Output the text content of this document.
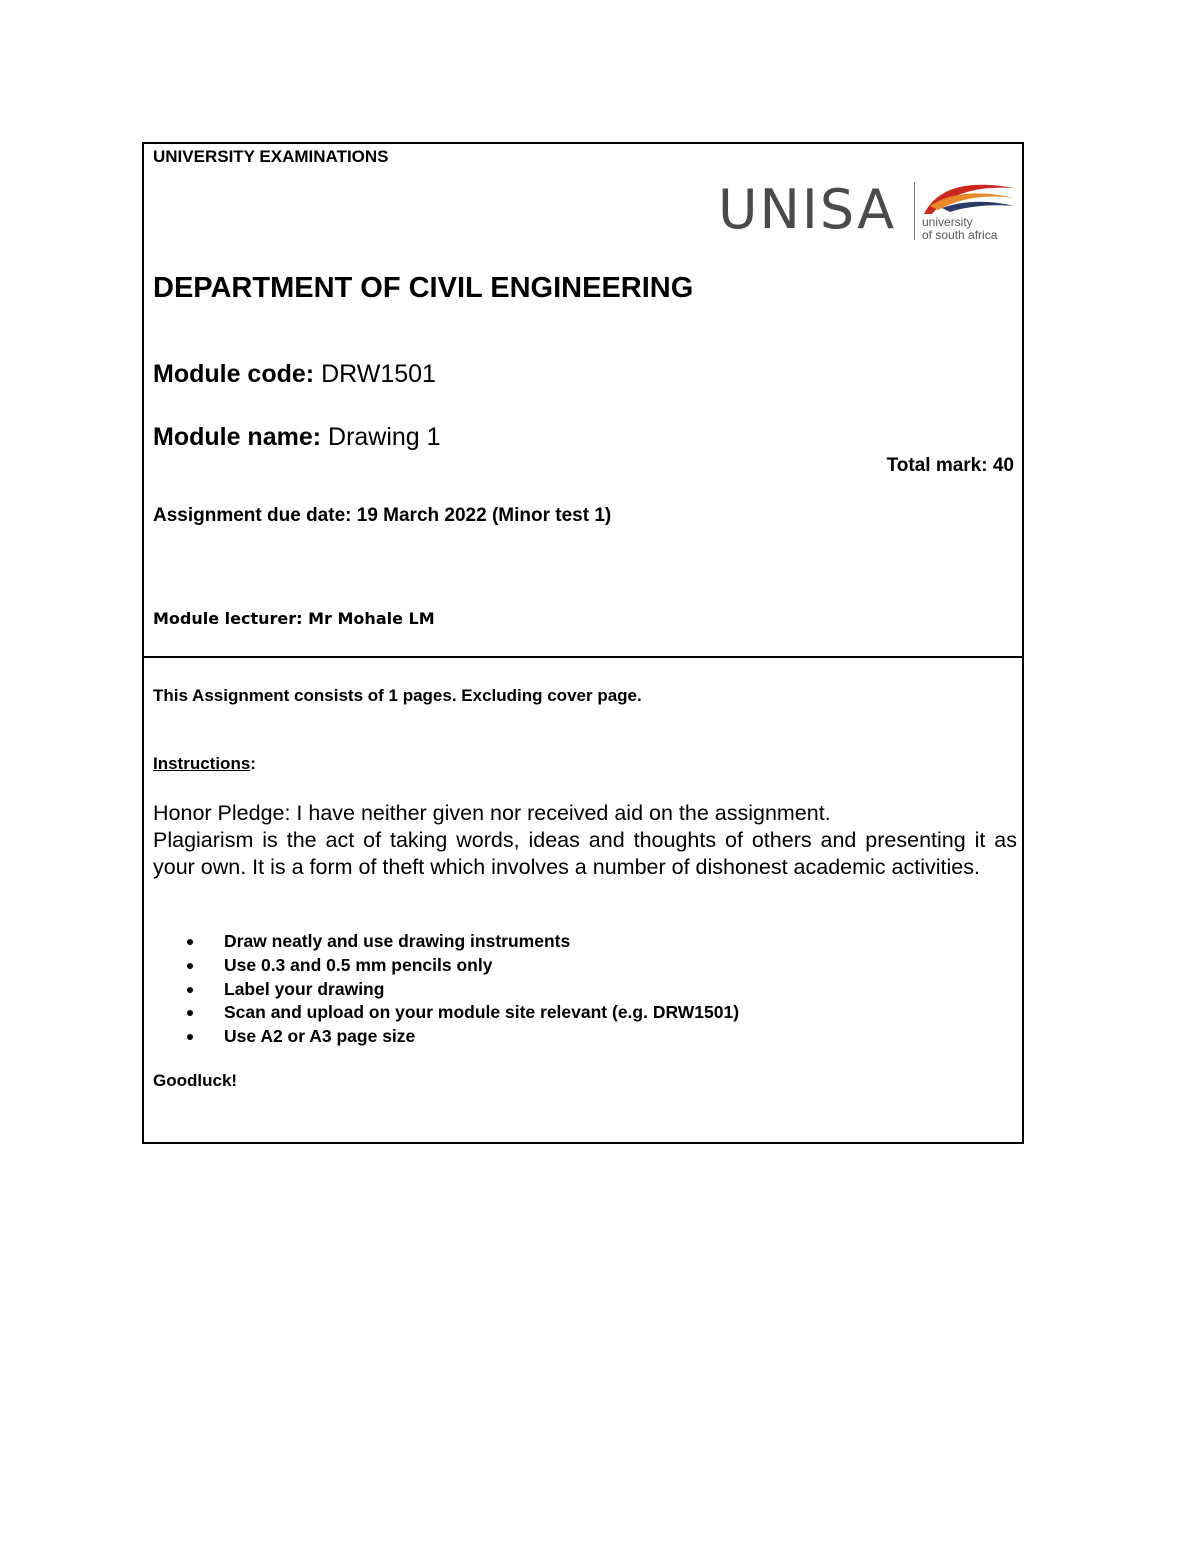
UNIVERSITY EXAMINATIONS
UNISA university
of south africa
DEPARTMENT OF CIVIL ENGINEERING
Module code: DRW1501
Module name: Drawing 1
Total mark: 40
Assignment due date: 19 March 2022 (Minor test 1)
Module lecturer: Mr Mohale LM
This Assignment consists of 1 pages. Excluding cover page.
Instructions:
Honor Pledge: I have neither given nor received aid on the assignment.
Plagiarism is the act of taking words, ideas and thoughts of others and presenting it as your own. It is a form of theft which involves a number of dishonest academic activities.
Draw neatly and use drawing instruments
Use 0.3 and 0.5 mm pencils only
Label your drawing
Scan and upload on your module site relevant (e.g. DRW1501)
Use A2 or A3 page size
Goodluck!
